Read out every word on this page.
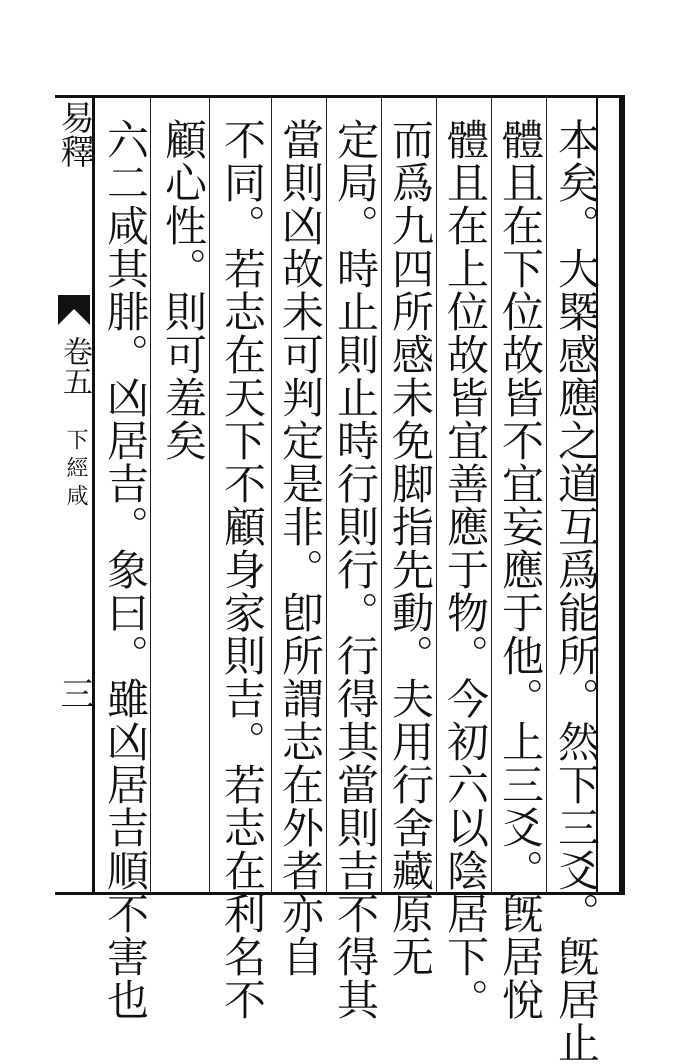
本矣。大槩感應之道互爲能所。然下三爻。旣居止
體且在下位故皆不宜妄應于他。上三爻。旣居悅
體且在上位故皆宜善應于物。今初六以陰居下。
而爲九四所感未免脚指先動。夫用行舍藏原无
定局。時止則止時行則行。行得其當則吉不得其
當則凶故未可判定是非。卽所謂志在外者亦自
不同。若志在天下不顧身家則吉。若志在利名不
顧心性。則可羞矣
六二咸其腓。凶居吉。象曰。雖凶居吉順不害也
易釋
卷五
下經咸
三
